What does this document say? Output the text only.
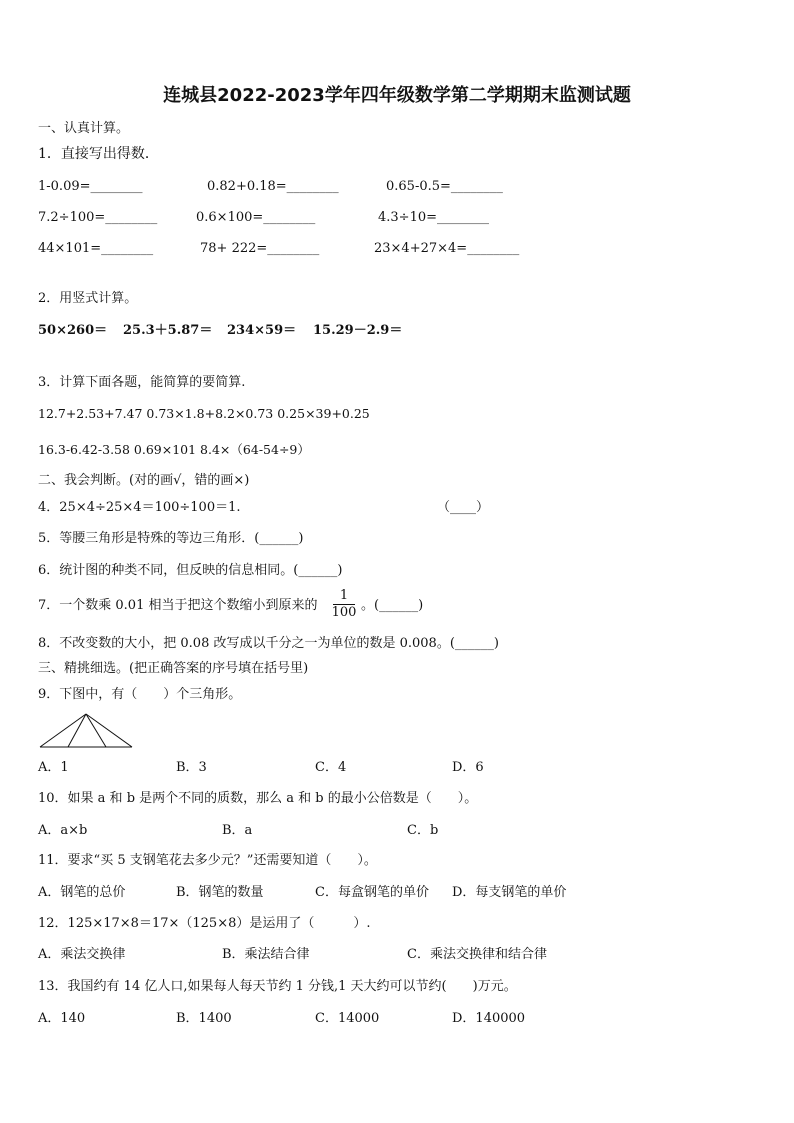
连城县2022-2023学年四年级数学第二学期期末监测试题
一、认真计算。
1．直接写出得数．
1-0.09=________	0.82+0.18=________	0.65-0.5=________
7.2÷100=________	0.6×100=________	4.3÷10=________
44×101=________	78+ 222=________	23×4+27×4=________
2．用竖式计算。
50×260＝ 25.3＋5.87＝ 234×59＝ 15.29－2.9＝
3．计算下面各题，能简算的要简算.
12.7+2.53+7.47 0.73×1.8+8.2×0.73 0.25×39+0.25
16.3-6.42-3.58 0.69×101 8.4×（64-54÷9）
二、我会判断。(对的画√，错的画×)
4．25×4÷25×4＝100÷100＝1.	（____）
5．等腰三角形是特殊的等边三角形．(______)
6．统计图的种类不同，但反映的信息相同。(______)
7．一个数乘 0.01 相当于把这个数缩小到原来的
1
100 。(______)
8．不改变数的大小，把 0.08 改写成以千分之一为单位的数是 0.008。(______)
三、精挑细选。(把正确答案的序号填在括号里)
9．下图中，有（　　）个三角形。
A．1	B．3	C．4	D．6
10．如果 a 和 b 是两个不同的质数，那么 a 和 b 的最小公倍数是（　　）。
A．a×b	B．a	C．b
11．要求“买 5 支钢笔花去多少元？”还需要知道（　　）。
A．钢笔的总价	B．钢笔的数量	C．每盒钢笔的单价 D．每支钢笔的单价
12．125×17×8＝17×（125×8）是运用了（　　　）.
A．乘法交换律	B．乘法结合律	C．乘法交换律和结合律
13．我国约有 14 亿人口,如果每人每天节约 1 分钱,1 天大约可以节约(　　)万元。
A．140	B．1400	C．14000	D．140000
